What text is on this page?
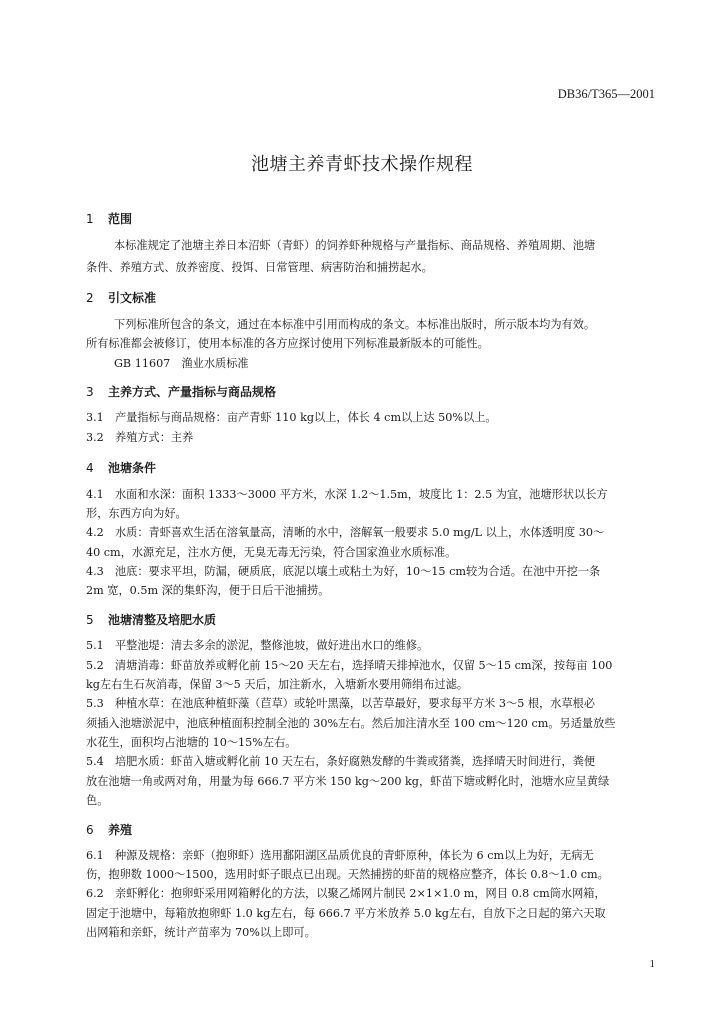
DB36/T365—2001
池塘主养青虾技术操作规程
1 范围
本标准规定了池塘主养日本沼虾（青虾）的饲养虾种规格与产量指标、商品规格、养殖周期、池塘
条件、养殖方式、放养密度、投饵、日常管理、病害防治和捕捞起水。
2 引文标准
下列标准所包含的条文，通过在本标准中引用而构成的条文。本标准出版时，所示版本均为有效。
所有标准都会被修订，使用本标准的各方应探讨使用下列标准最新版本的可能性。
GB 11607　渔业水质标准
3 主养方式、产量指标与商品规格
3.1　产量指标与商品规格：亩产青虾 110 kg以上，体长 4 cm以上达 50%以上。
3.2　养殖方式：主养
4 池塘条件
4.1　水面和水深：面积 1333～3000 平方米，水深 1.2～1.5m，坡度比 1：2.5 为宜，池塘形状以长方
形，东西方向为好。
4.2　水质：青虾喜欢生活在溶氧量高，清晰的水中，溶解氧一般要求 5.0 mg/L 以上，水体透明度 30～
40 cm，水源充足，注水方便，无臭无毒无污染，符合国家渔业水质标准。
4.3　池底：要求平坦，防漏，硬质底，底泥以壤土或粘土为好，10～15 cm较为合适。在池中开挖一条
2m 宽，0.5m 深的集虾沟，便于日后干池捕捞。
5 池塘清整及培肥水质
5.1　平整池堤：清去多余的淤泥，整修池坡，做好进出水口的维修。
5.2　清塘消毒：虾苗放养或孵化前 15～20 天左右，选择晴天排掉池水，仅留 5～15 cm深，按每亩 100
kg左右生石灰消毒，保留 3～5 天后，加注新水，入塘新水要用筛绢布过滤。
5.3　种植水草：在池底种植虾藻（苣草）或轮叶黑藻，以苦草最好，要求每平方米 3～5 根，水草根必
须插入池塘淤泥中，池底种植面积控制全池的 30%左右。然后加注清水至 100 cm～120 cm。另适量放些
水花生，面积均占池塘的 10～15%左右。
5.4　培肥水质：虾苗入塘或孵化前 10 天左右，条好腐熟发酵的牛粪或猪粪，选择晴天时间进行，粪便
放在池塘一角或两对角，用量为每 666.7 平方米 150 kg～200 kg，虾苗下塘或孵化时，池塘水应呈黄绿
色。
6 养殖
6.1　种源及规格：亲虾（抱卵虾）选用鄱阳湖区品质优良的青虾原种，体长为 6 cm以上为好，无病无
伤，抱卵数 1000～1500，选用时虾子眼点已出现。天然捕捞的虾苗的规格应整齐，体长 0.8～1.0 cm。
6.2　亲虾孵化：抱卵虾采用网箱孵化的方法，以聚乙烯网片制民 2×1×1.0 m，网目 0.8 cm筒水网箱，
固定于池塘中，每箱放抱卵虾 1.0 kg左右，每 666.7 平方米放养 5.0 kg左右，自放下之日起的第六天取
出网箱和亲虾，统计产苗率为 70%以上即可。
1
